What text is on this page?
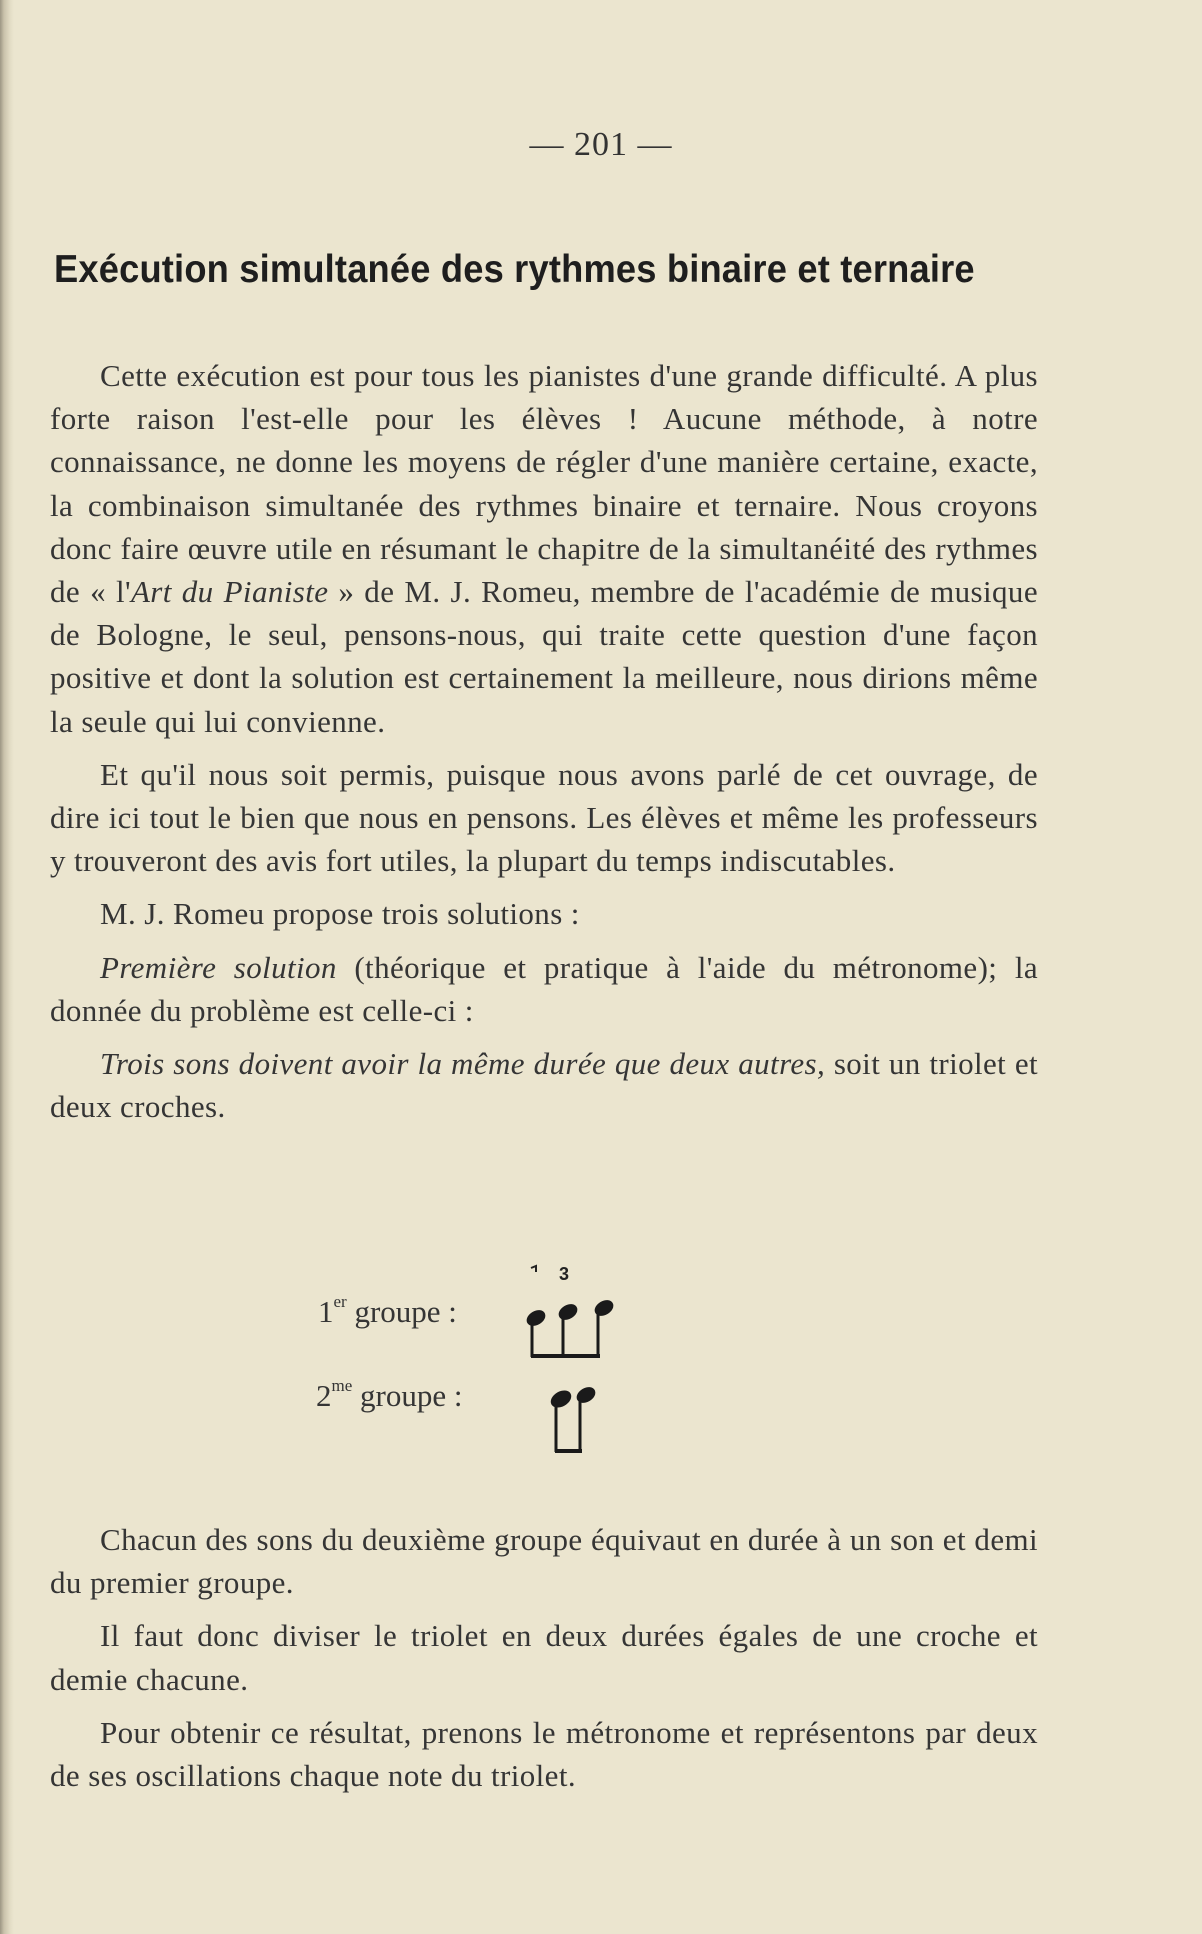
— 201 —
Exécution simultanée des rythmes binaire et ternaire

Cette exécution est pour tous les pianistes d'une grande difficulté. A plus forte raison l'est-elle pour les élèves ! Aucune méthode, à notre connaissance, ne donne les moyens de régler d'une manière certaine, exacte, la combinaison simultanée des rythmes binaire et ternaire. Nous croyons donc faire œuvre utile en résumant le chapitre de la simultanéité des rythmes de « l'Art du Pianiste » de M. J. Romeu, membre de l'académie de musique de Bologne, le seul, pensons-nous, qui traite cette question d'une façon positive et dont la solution est certainement la meilleure, nous dirions même la seule qui lui convienne.

Et qu'il nous soit permis, puisque nous avons parlé de cet ouvrage, de dire ici tout le bien que nous en pensons. Les élèves et même les professeurs y trouveront des avis fort utiles, la plupart du temps indiscutables.

M. J. Romeu propose trois solutions :

Première solution (théorique et pratique à l'aide du métronome); la donnée du problème est celle-ci :

Trois sons doivent avoir la même durée que deux autres, soit un triolet et deux croches.

1er groupe :
3
$2^{me}$ groupe :

Chacun des sons du deuxième groupe équivaut en durée à un son et demi du premier groupe.

Il faut donc diviser le triolet en deux durées égales de une croche et demie chacune.

Pour obtenir ce résultat, prenons le métronome et représentons par deux de ses oscillations chaque note du triolet.
